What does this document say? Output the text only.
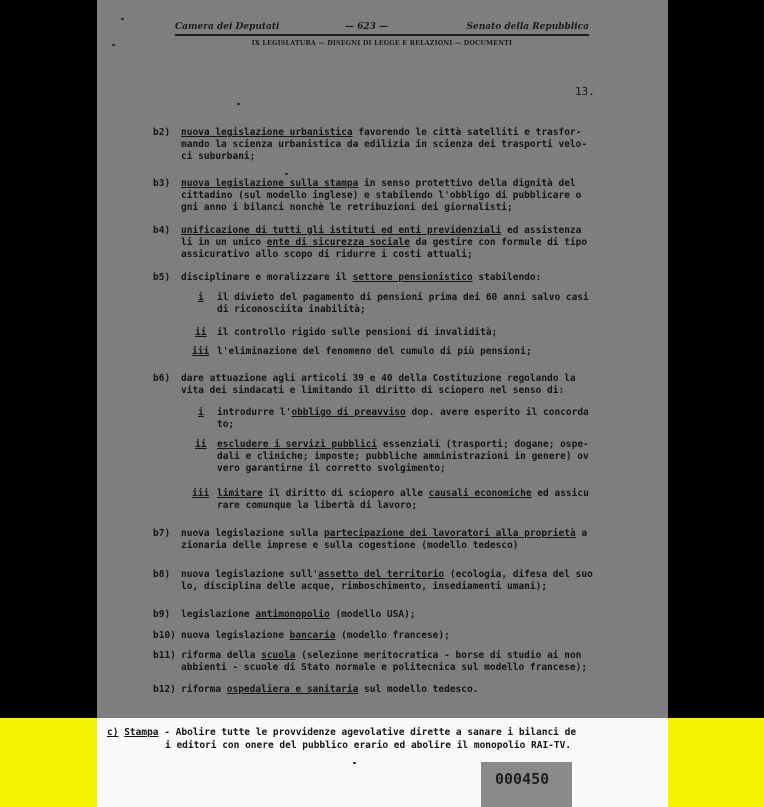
Camera dei Deputati	— 623 —	Senato della Repubblica
IX LEGISLATURA — DISEGNI DI LEGGE E RELAZIONI — DOCUMENTI
13.
b2) nuova legislazione urbanistica favorendo le città satelliti e trasfor-
mando la scienza urbanistica da edilizia in scienza dei trasporti velo-
ci suburbani;
b3) nuova legislazione sulla stampa in senso protettivo della dignità del
cittadino (sul modello inglese) e stabilendo l'obbligo di pubblicare o
gni anno i bilanci nonchè le retribuzioni dei giornalisti;
b4) unificazione di tutti gli istituti ed enti previdenziali ed assistenza
li in un unico ente di sicurezza sociale da gestire con formule di tipo
assicurativo allo scopo di ridurre i costi attuali;
b5) disciplinare e moralizzare il settore pensionistico stabilendo:
b6) dare attuazione agli articoli 39 e 40 della Costituzione regolando la
vita dei sindacati e limitando il diritto di sciopero nel senso di:
b7) nuova legislazione sulla partecipazione dei lavoratori alla proprietà a
zionaria delle imprese e sulla cogestione (modello tedesco)
b8) nuova legislazione sull'assetto del territorio (ecologia, difesa del suo
lo, disciplina delle acque, rimboschimento, insediamenti umani);
b9) legislazione antimonopolio (modello USA);
b10) nuova legislazione bancaria (modello francese);
b11) riforma della scuola (selezione meritocratica - borse di studio ai non
abbienti - scuole di Stato normale e politecnica sul modello francese);
b12) riforma ospedaliera e sanitaria sul modello tedesco.
i il divieto del pagamento di pensioni prima dei 60 anni salvo casi
di riconosciita inabilità;
ii il controllo rigido sulle pensioni di invalidità;
iii l'eliminazione del fenomeno del cumulo di più pensioni;
i introdurre l'obbligo di preavviso dop. avere esperito il concorda
to;
ii escludere i servizi pubblici essenziali (trasporti; dogane; ospe-
dali e cliniche; imposte; pubbliche amministrazioni in genere) ov
vero garantirne il corretto svolgimento;
iii limitare il diritto di sciopero alle causali economiche ed assicu
rare comunque la libertà di lavoro;
c) Stampa - Abolire tutte le provvidenze agevolative dirette a sanare i bilanci de
i editori con onere del pubblico erario ed abolire il monopolio RAI-TV.
000450
